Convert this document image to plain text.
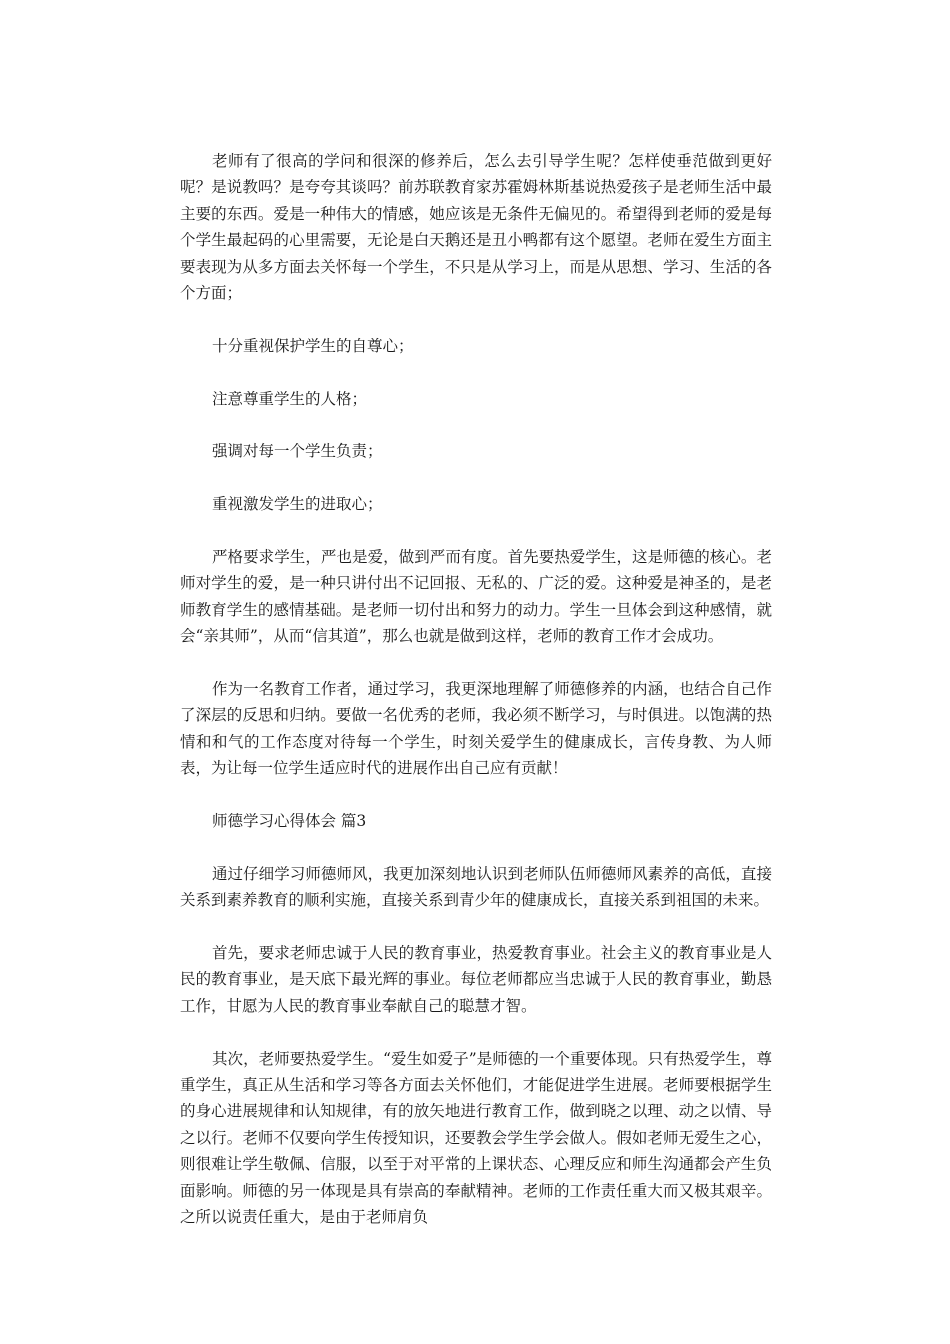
老师有了很高的学问和很深的修养后，怎么去引导学生呢？怎样使垂范做到更好呢？是说教吗？是夸夸其谈吗？前苏联教育家苏霍姆林斯基说热爱孩子是老师生活中最主要的东西。爱是一种伟大的情感，她应该是无条件无偏见的。希望得到老师的爱是每个学生最起码的心里需要，无论是白天鹅还是丑小鸭都有这个愿望。老师在爱生方面主要表现为从多方面去关怀每一个学生，不只是从学习上，而是从思想、学习、生活的各个方面；

十分重视保护学生的自尊心；

注意尊重学生的人格；

强调对每一个学生负责；

重视激发学生的进取心；

严格要求学生，严也是爱，做到严而有度。首先要热爱学生，这是师德的核心。老师对学生的爱，是一种只讲付出不记回报、无私的、广泛的爱。这种爱是神圣的，是老师教育学生的感情基础。是老师一切付出和努力的动力。学生一旦体会到这种感情，就会“亲其师”，从而“信其道”，那么也就是做到这样，老师的教育工作才会成功。

作为一名教育工作者，通过学习，我更深地理解了师德修养的内涵，也结合自己作了深层的反思和归纳。要做一名优秀的老师，我必须不断学习，与时俱进。以饱满的热情和和气的工作态度对待每一个学生，时刻关爱学生的健康成长，言传身教、为人师表，为让每一位学生适应时代的进展作出自己应有贡献！

师德学习心得体会 篇3

通过仔细学习师德师风，我更加深刻地认识到老师队伍师德师风素养的高低，直接关系到素养教育的顺利实施，直接关系到青少年的健康成长，直接关系到祖国的未来。

首先，要求老师忠诚于人民的教育事业，热爱教育事业。社会主义的教育事业是人民的教育事业，是天底下最光辉的事业。每位老师都应当忠诚于人民的教育事业，勤恳工作，甘愿为人民的教育事业奉献自己的聪慧才智。

其次，老师要热爱学生。“爱生如爱子”是师德的一个重要体现。只有热爱学生，尊重学生，真正从生活和学习等各方面去关怀他们，才能促进学生进展。老师要根据学生的身心进展规律和认知规律，有的放矢地进行教育工作，做到晓之以理、动之以情、导之以行。老师不仅要向学生传授知识，还要教会学生学会做人。假如老师无爱生之心，则很难让学生敬佩、信服，以至于对平常的上课状态、心理反应和师生沟通都会产生负面影响。师德的另一体现是具有崇高的奉献精神。老师的工作责任重大而又极其艰辛。之所以说责任重大，是由于老师肩负
